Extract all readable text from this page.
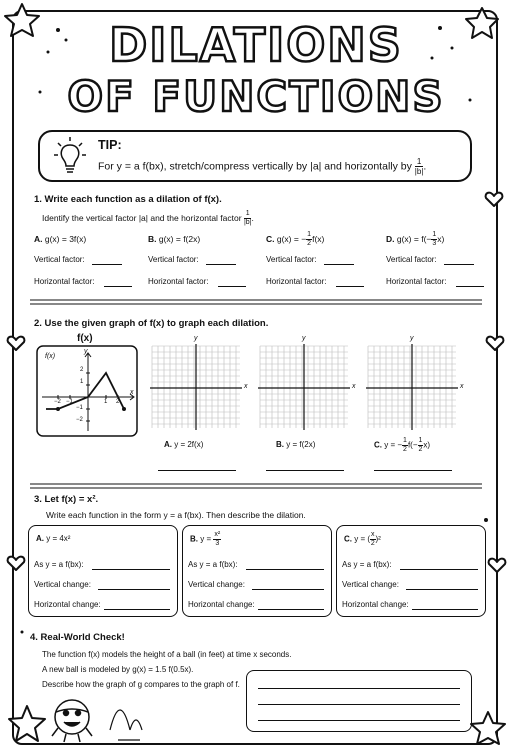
DILATIONS
OF FUNCTIONS
TIP:
For y = a f(bx), stretch/compress vertically by |a| and horizontally by $\frac{1}{|b|}$ .
1. Write each function as a dilation of f(x).
Identify the vertical factor |a| and the horizontal factor $\frac{1}{|b|}$ .
A. g(x) = 3f(x)	B. g(x) = f(2x)	C. g(x) = − $\frac{1}{2} f(x)$	D. $g(x) = f(- \frac{1}{3} x)$
Vertical factor:	Vertical factor:	Vertical factor:	Vertical factor:
Horizontal factor:	Horizontal factor:	Horizontal factor:	Horizontal factor:
2. Use the given graph of f(x) to graph each dilation.
f(x)
f(x)
y
x
2
1
−1
−2
−2 −1	1 2
y
x
y
x
y
x
A. y = 2f(x)	B. y = f(2x)	C. y = − $\frac{1}{2} f(- \frac{1}{2} x)$
3. Let f(x) = x².
Write each function in the form y = a f(bx). Then describe the dilation.
A. y = 4x²	B. $y = \frac{\text{x²}}{3}$	C. y = ( $\frac{x}{2} )^2$
As y = a f(bx):
Vertical change:
Horizontal change:
As y = a f(bx):
Vertical change:
Horizontal change:
As y = a f(bx):
Vertical change:
Horizontal change:
4. Real-World Check!
The function f(x) models the height of a ball (in feet) at time x seconds.
A new ball is modeled by g(x) = 1.5 f(0.5x).
Describe how the graph of g compares to the graph of f.
